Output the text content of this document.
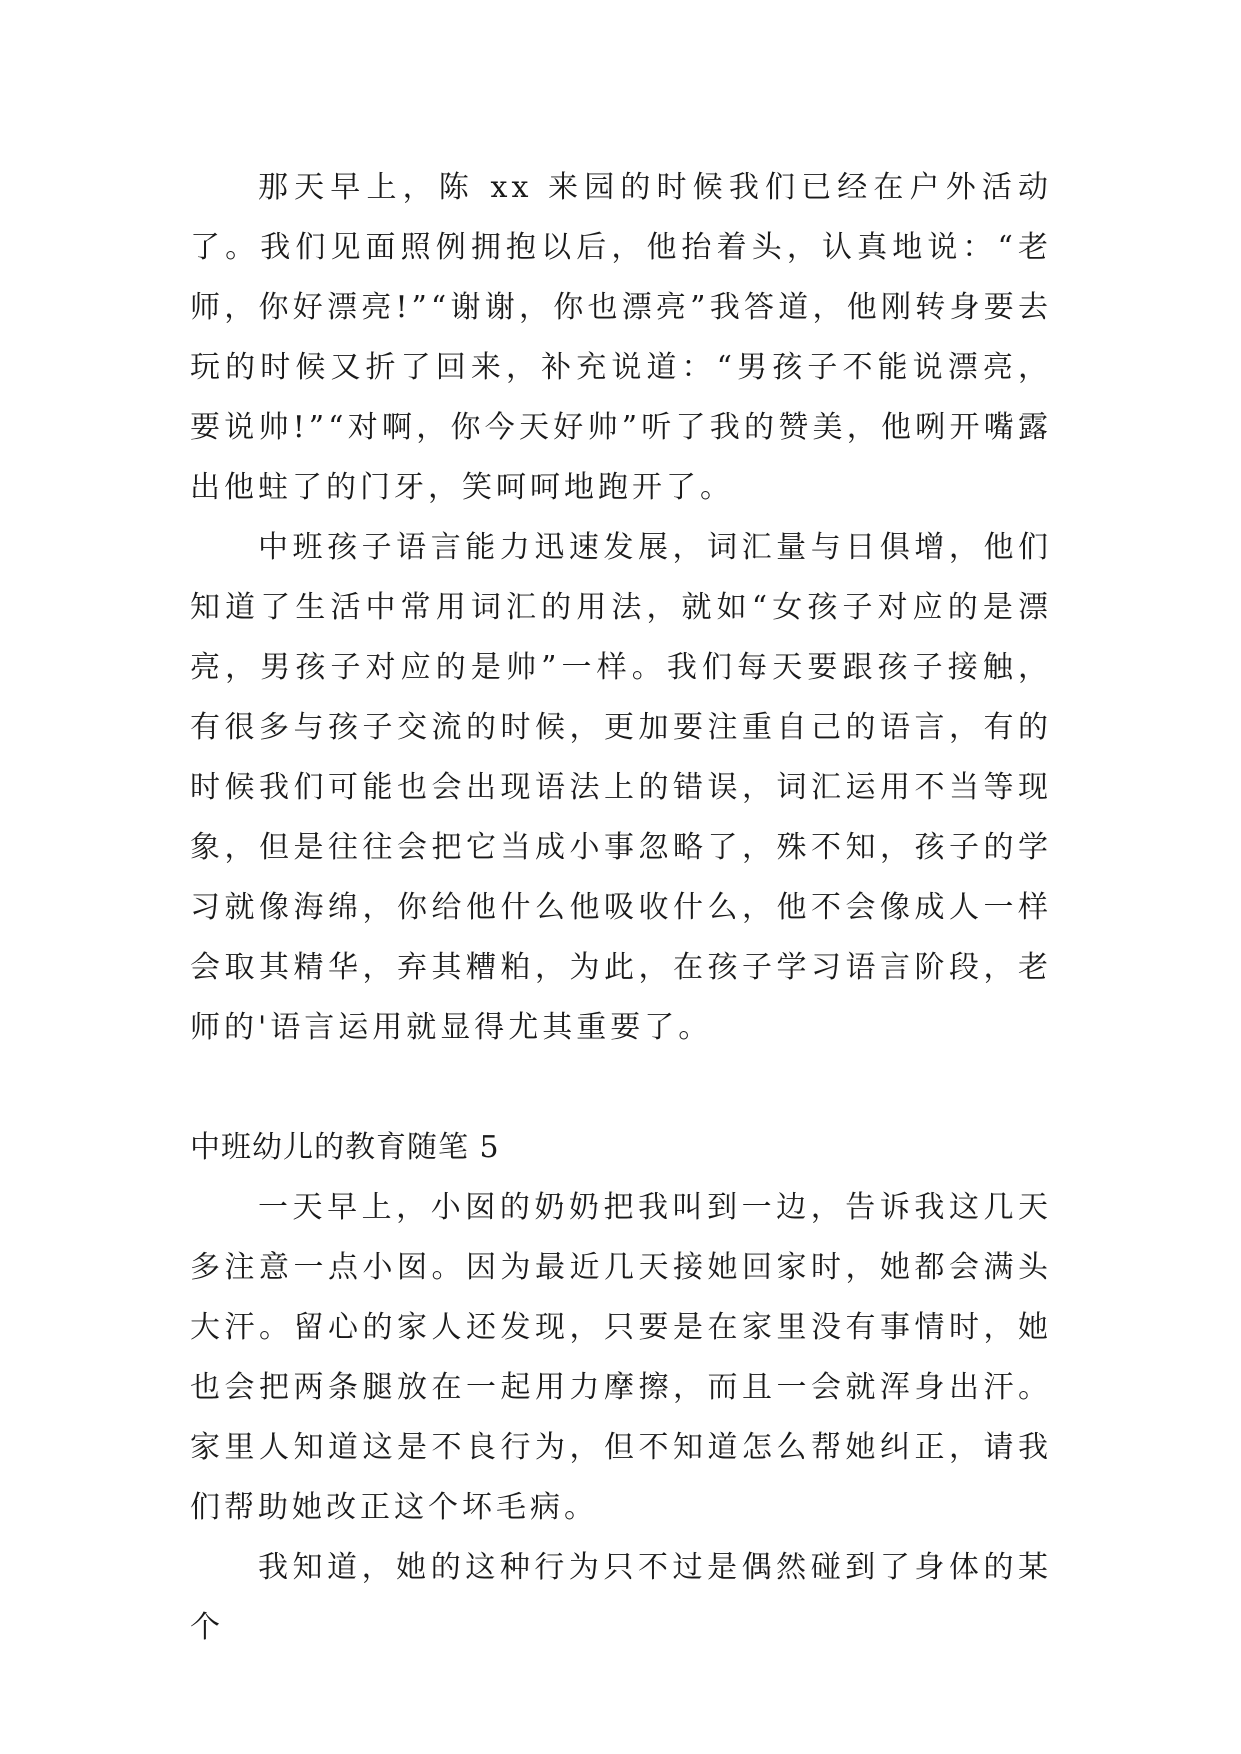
那天早上，陈 xx 来园的时候我们已经在户外活动了。我们见面照例拥抱以后，他抬着头，认真地说：“老师，你好漂亮!”“谢谢，你也漂亮”我答道，他刚转身要去玩的时候又折了回来，补充说道：“男孩子不能说漂亮，要说帅!”“对啊，你今天好帅”听了我的赞美，他咧开嘴露出他蛀了的门牙，笑呵呵地跑开了。

中班孩子语言能力迅速发展，词汇量与日俱增，他们知道了生活中常用词汇的用法，就如“女孩子对应的是漂亮，男孩子对应的是帅”一样。我们每天要跟孩子接触，有很多与孩子交流的时候，更加要注重自己的语言，有的时候我们可能也会出现语法上的错误，词汇运用不当等现象，但是往往会把它当成小事忽略了，殊不知，孩子的学习就像海绵，你给他什么他吸收什么，他不会像成人一样会取其精华，弃其糟粕，为此，在孩子学习语言阶段，老师的'语言运用就显得尤其重要了。

中班幼儿的教育随笔 5

一天早上，小囡的奶奶把我叫到一边，告诉我这几天多注意一点小囡。因为最近几天接她回家时，她都会满头大汗。留心的家人还发现，只要是在家里没有事情时，她也会把两条腿放在一起用力摩擦，而且一会就浑身出汗。家里人知道这是不良行为，但不知道怎么帮她纠正，请我们帮助她改正这个坏毛病。

我知道，她的这种行为只不过是偶然碰到了身体的某个
